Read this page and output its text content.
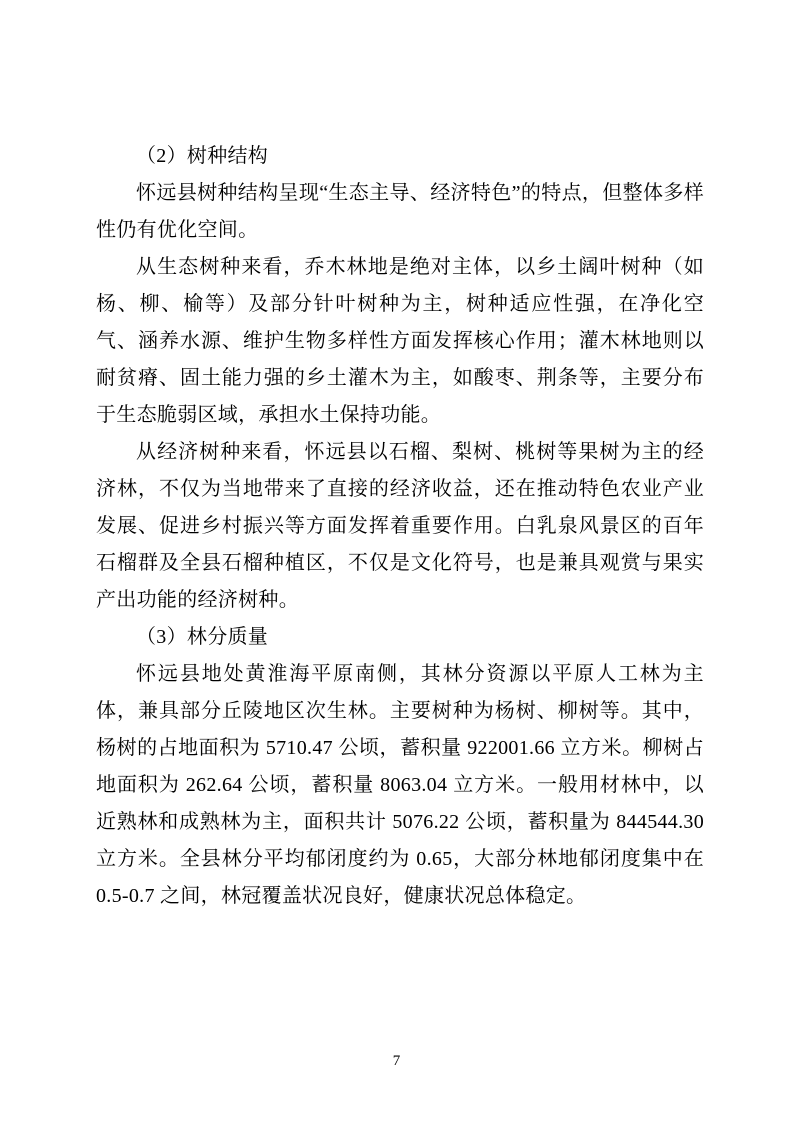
（2）树种结构

怀远县树种结构呈现“生态主导、经济特色”的特点，但整体多样性仍有优化空间。

从生态树种来看，乔木林地是绝对主体，以乡土阔叶树种（如杨、柳、榆等）及部分针叶树种为主，树种适应性强，在净化空气、涵养水源、维护生物多样性方面发挥核心作用；灌木林地则以耐贫瘠、固土能力强的乡土灌木为主，如酸枣、荆条等，主要分布于生态脆弱区域，承担水土保持功能。

从经济树种来看，怀远县以石榴、梨树、桃树等果树为主的经济林，不仅为当地带来了直接的经济收益，还在推动特色农业产业发展、促进乡村振兴等方面发挥着重要作用。白乳泉风景区的百年石榴群及全县石榴种植区，不仅是文化符号，也是兼具观赏与果实产出功能的经济树种。

（3）林分质量

怀远县地处黄淮海平原南侧，其林分资源以平原人工林为主体，兼具部分丘陵地区次生林。主要树种为杨树、柳树等。其中，杨树的占地面积为 5710.47 公顷，蓄积量 922001.66 立方米。柳树占地面积为 262.64 公顷，蓄积量 8063.04 立方米。一般用材林中，以近熟林和成熟林为主，面积共计 5076.22 公顷，蓄积量为 844544.30 立方米。全县林分平均郁闭度约为 0.65，大部分林地郁闭度集中在 0.5-0.7 之间，林冠覆盖状况良好，健康状况总体稳定。

7
